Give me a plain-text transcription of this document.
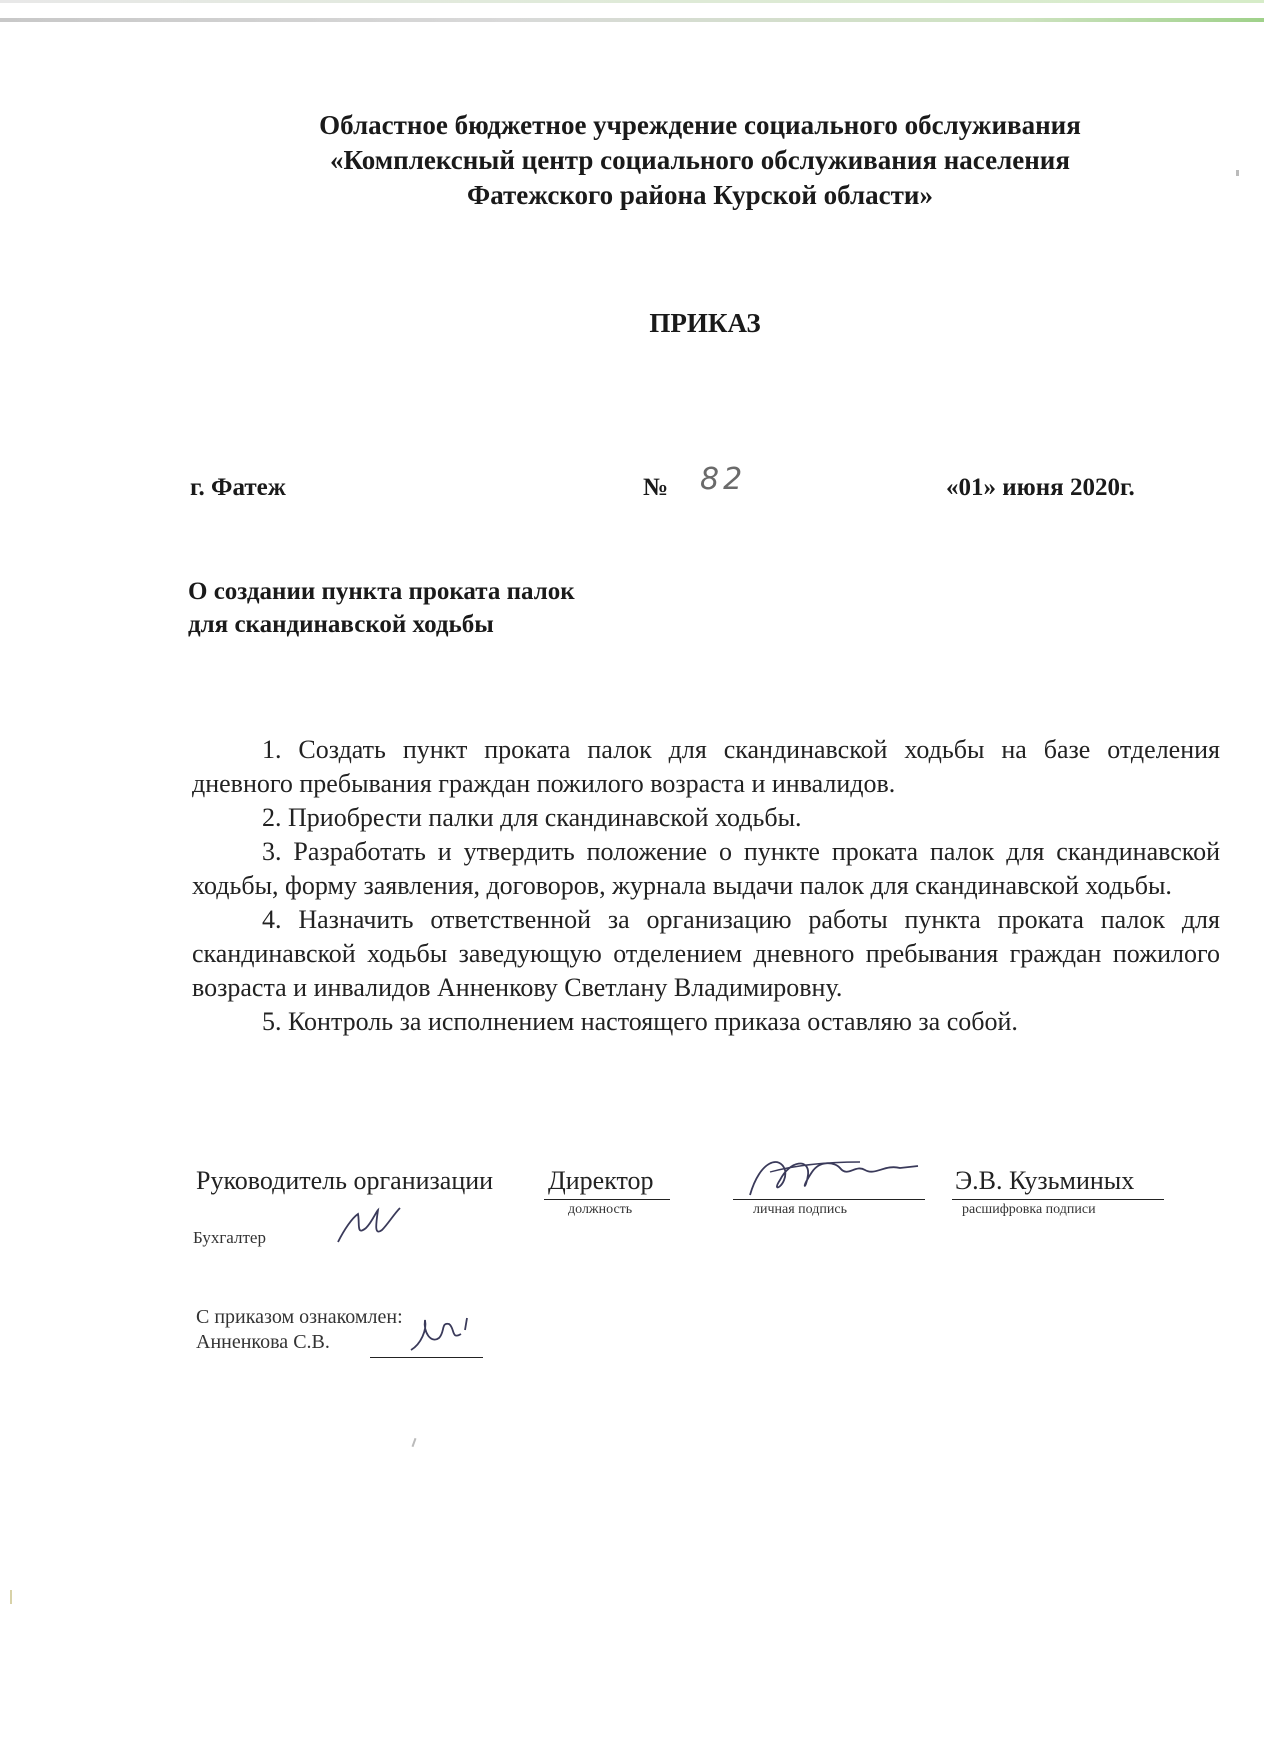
Областное бюджетное учреждение социального обслуживания
«Комплексный центр социального обслуживания населения
Фатежского района Курской области»
ПРИКАЗ
г. Фатеж	№ 82	«01» июня 2020г.
О создании пункта проката палок
для скандинавской ходьбы

1. Создать пункт проката палок для скандинавской ходьбы на базе отделения дневного пребывания граждан пожилого возраста и инвалидов.

2. Приобрести палки для скандинавской ходьбы.

3. Разработать и утвердить положение о пункте проката палок для скандинавской ходьбы, форму заявления, договоров, журнала выдачи палок для скандинавской ходьбы.

4. Назначить ответственной за организацию работы пункта проката палок для скандинавской ходьбы заведующую отделением дневного пребывания граждан пожилого возраста и инвалидов Анненкову Светлану Владимировну.

5. Контроль за исполнением настоящего приказа оставляю за собой.

Руководитель организации Директор
должность	личная подпись
Э.В. Кузьминых
расшифровка подписи
Бухгалтер
С приказом ознакомлен:
Анненкова С.В.
